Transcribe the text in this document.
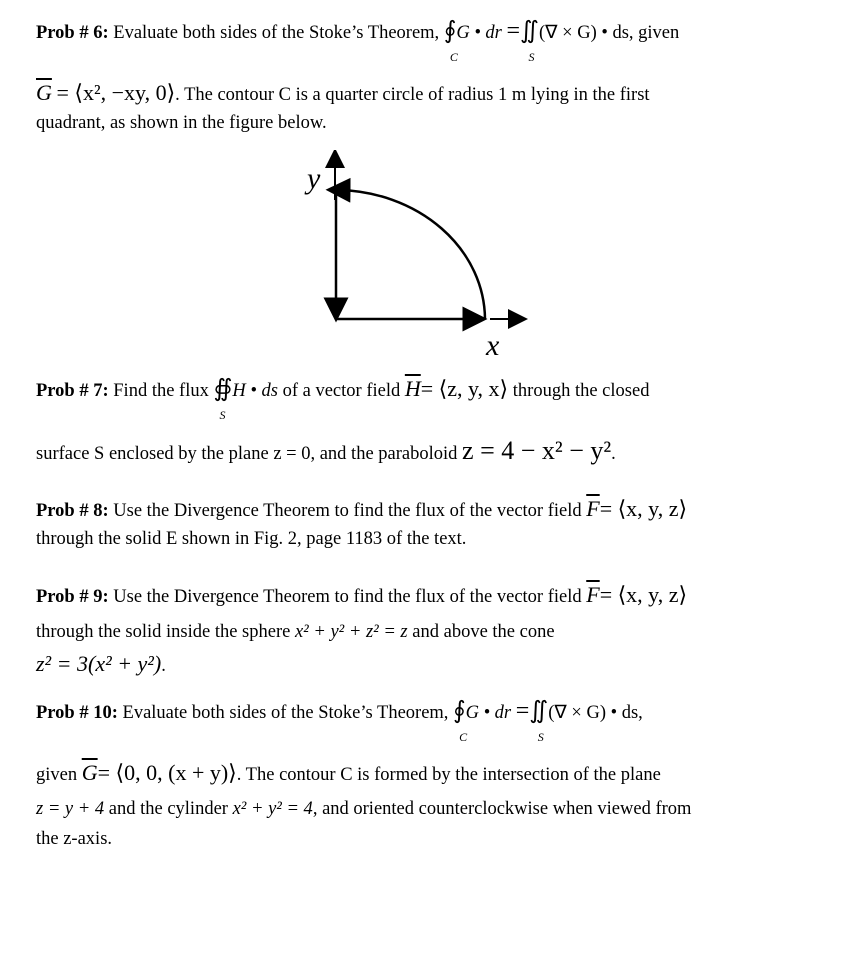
Prob # 6: Evaluate both sides of the Stoke’s Theorem, ∮
C
G • dr =∬
S
(∇ × G) • ds, given
$\overline{G}$ = ⟨x², −xy, 0⟩. The contour C is a quarter circle of radius 1 m lying in the first
quadrant, as shown in the figure below.
y
x
Prob # 7: Find the flux ∯
S
H • ds of a vector field $\overline{H}=$ ⟨z, y, x⟩ through the closed
surface S enclosed by the plane z = 0, and the paraboloid z = 4 − x² − y².
Prob # 8: Use the Divergence Theorem to find the flux of the vector field $\overline{F}=$ ⟨x, y, z⟩
through the solid E shown in Fig. 2, page 1183 of the text.
Prob # 9: Use the Divergence Theorem to find the flux of the vector field $\overline{F}=$ ⟨x, y, z⟩
through the solid inside the sphere x² + y² + z² = z and above the cone
z² = 3(x² + y²).
Prob # 10: Evaluate both sides of the Stoke’s Theorem, ∮
C
G • dr =∬
S
(∇ × G) • ds,
given $\overline{G}=$ ⟨0, 0, (x + y)⟩. The contour C is formed by the intersection of the plane
z = y + 4 and the cylinder x² + y² = 4, and oriented counterclockwise when viewed from
the z-axis.
